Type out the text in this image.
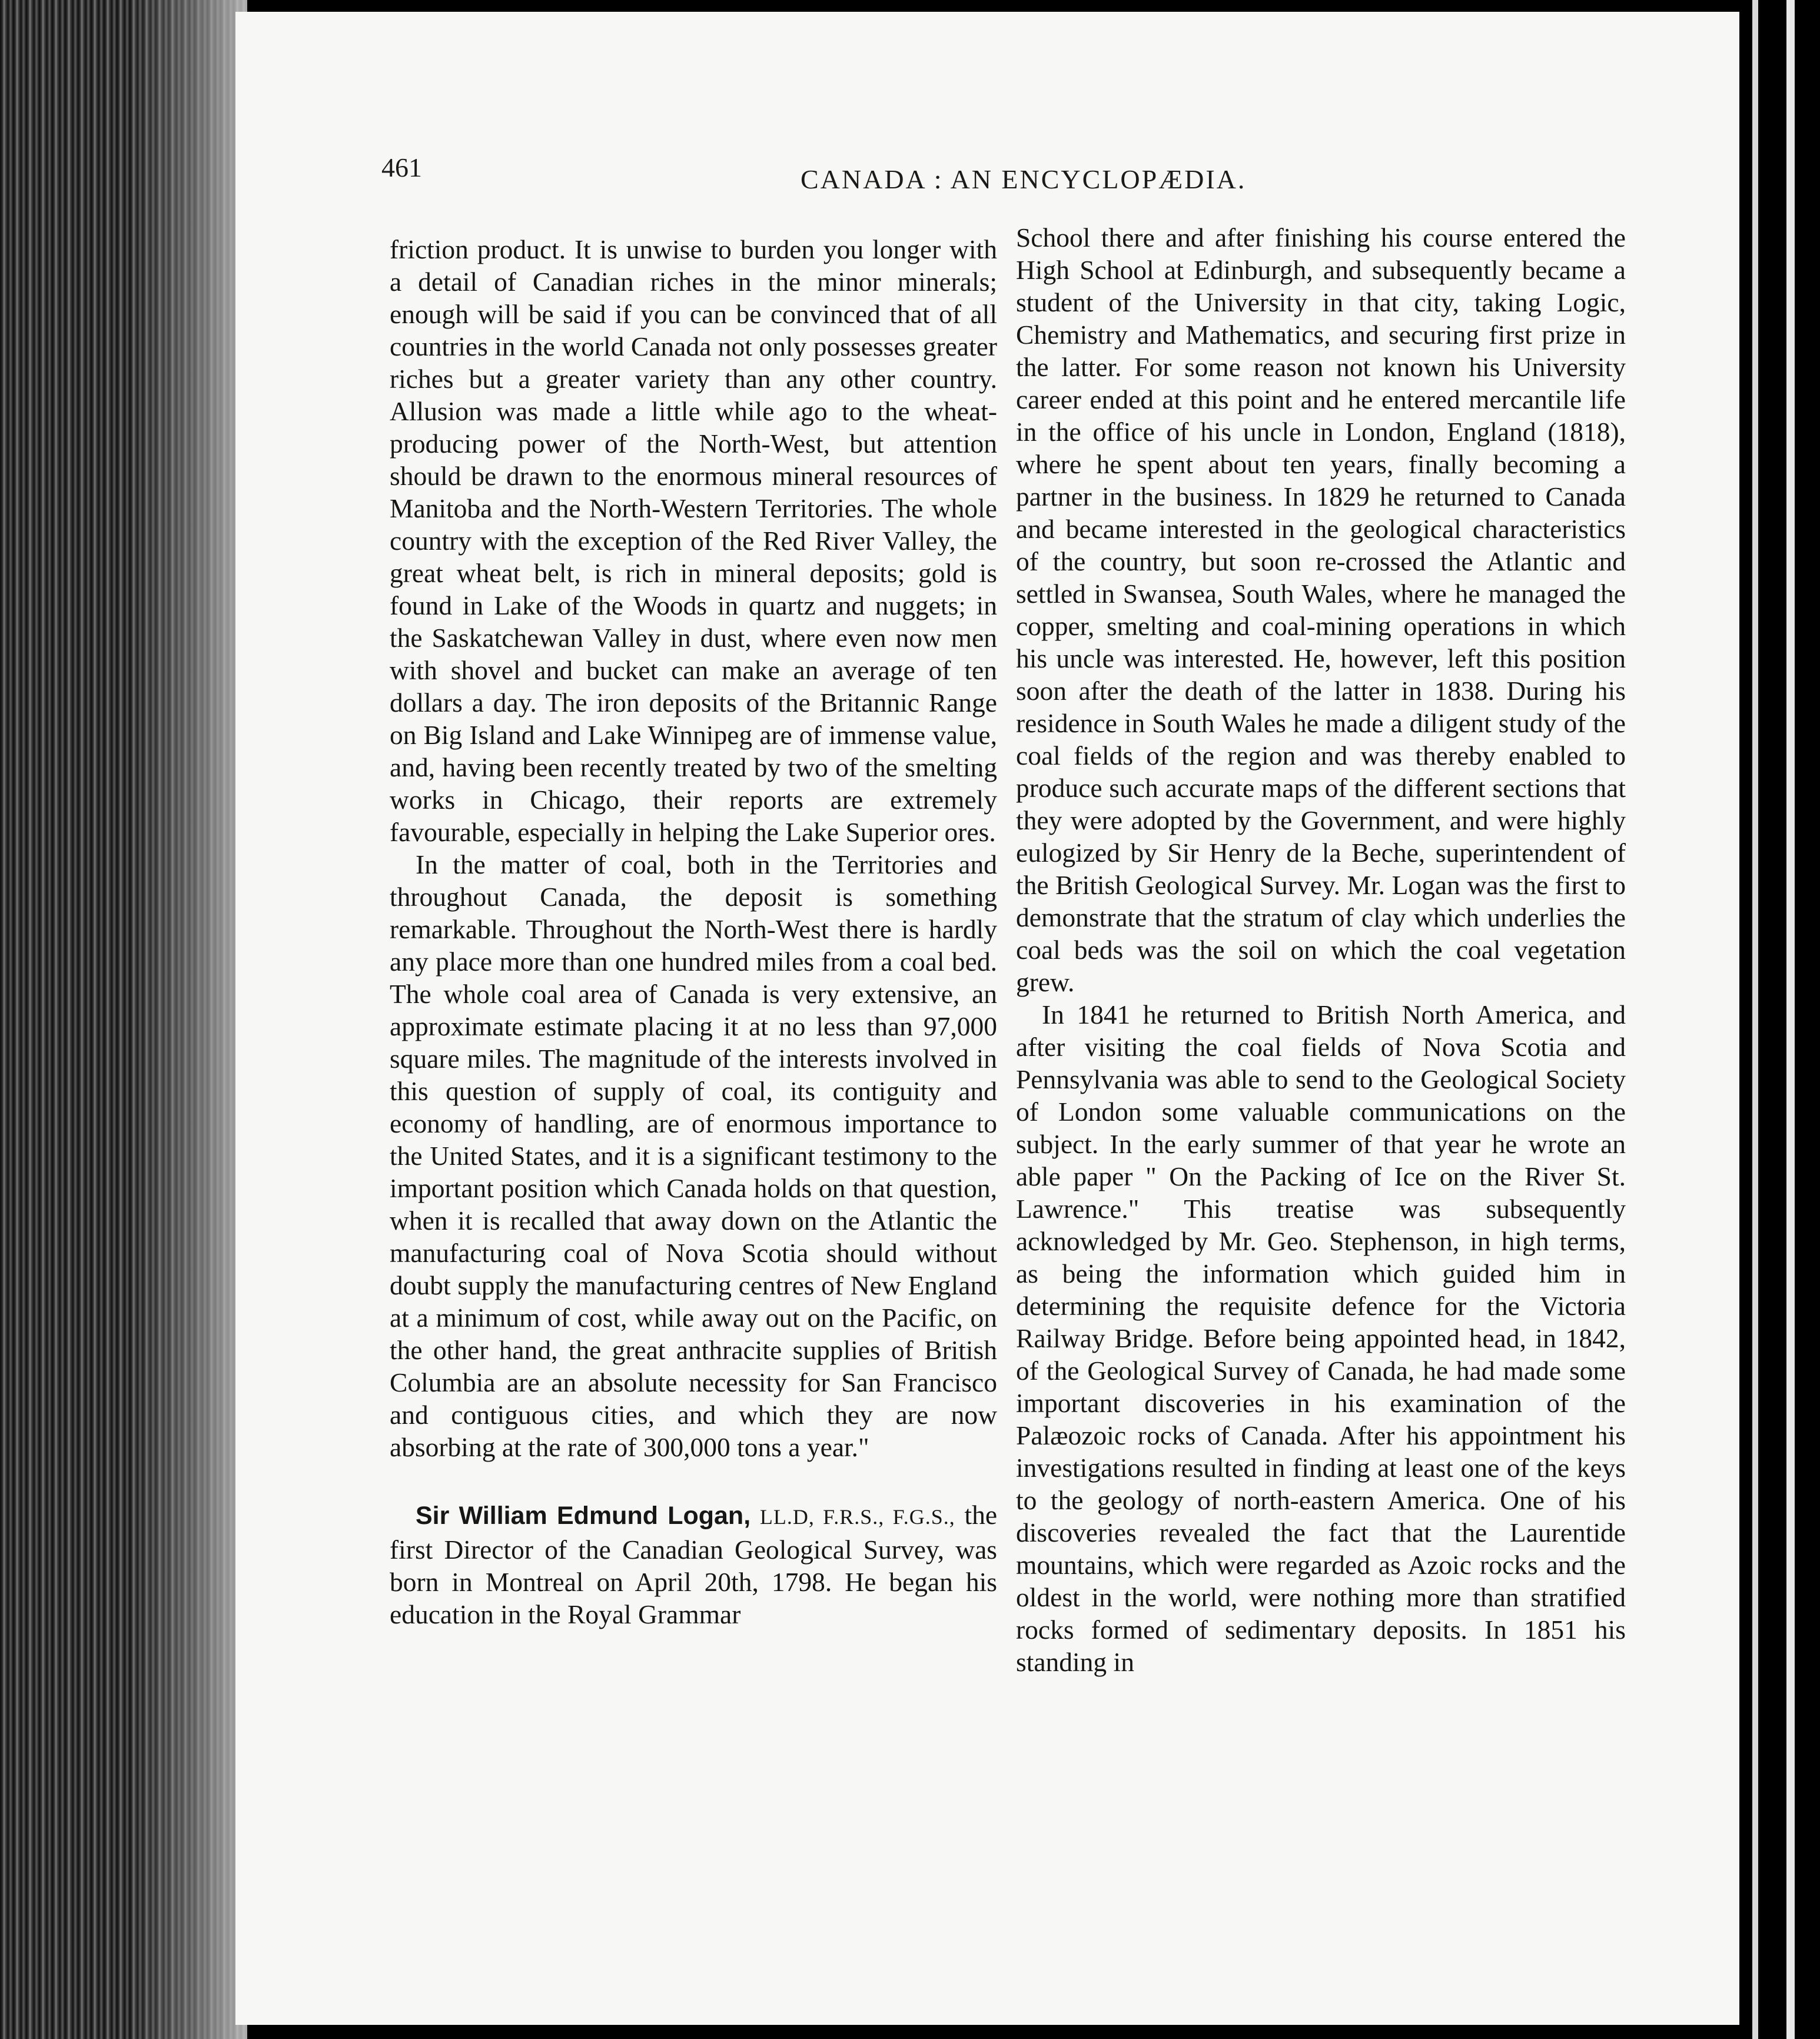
461	CANADA : AN ENCYCLOPÆDIA.

friction product. It is unwise to burden you longer with a detail of Canadian riches in the minor minerals; enough will be said if you can be convinced that of all countries in the world Canada not only possesses greater riches but a greater variety than any other country. Allusion was made a little while ago to the wheat-producing power of the North-West, but attention should be drawn to the enormous mineral resources of Manitoba and the North-Western Territories. The whole country with the exception of the Red River Valley, the great wheat belt, is rich in mineral deposits; gold is found in Lake of the Woods in quartz and nuggets; in the Saskatchewan Valley in dust, where even now men with shovel and bucket can make an average of ten dollars a day. The iron deposits of the Britannic Range on Big Island and Lake Winnipeg are of immense value, and, having been recently treated by two of the smelting works in Chicago, their reports are extremely favourable, especially in helping the Lake Superior ores.

In the matter of coal, both in the Territories and throughout Canada, the deposit is something remarkable. Throughout the North-West there is hardly any place more than one hundred miles from a coal bed. The whole coal area of Canada is very extensive, an approximate estimate placing it at no less than 97,000 square miles. The magnitude of the interests involved in this question of supply of coal, its contiguity and economy of handling, are of enormous importance to the United States, and it is a significant testimony to the important position which Canada holds on that question, when it is recalled that away down on the Atlantic the manufacturing coal of Nova Scotia should without doubt supply the manufacturing centres of New England at a minimum of cost, while away out on the Pacific, on the other hand, the great anthracite supplies of British Columbia are an absolute necessity for San Francisco and contiguous cities, and which they are now absorbing at the rate of 300,000 tons a year."

Sir William Edmund Logan, LL.D, F.R.S., F.G.S., the first Director of the Canadian Geological Survey, was born in Montreal on April 20th, 1798. He began his education in the Royal Grammar

School there and after finishing his course entered the High School at Edinburgh, and subsequently became a student of the University in that city, taking Logic, Chemistry and Mathematics, and securing first prize in the latter. For some reason not known his University career ended at this point and he entered mercantile life in the office of his uncle in London, England (1818), where he spent about ten years, finally becoming a partner in the business. In 1829 he returned to Canada and became interested in the geological characteristics of the country, but soon re-crossed the Atlantic and settled in Swansea, South Wales, where he managed the copper, smelting and coal-mining operations in which his uncle was interested. He, however, left this position soon after the death of the latter in 1838. During his residence in South Wales he made a diligent study of the coal fields of the region and was thereby enabled to produce such accurate maps of the different sections that they were adopted by the Government, and were highly eulogized by Sir Henry de la Beche, superintendent of the British Geological Survey. Mr. Logan was the first to demonstrate that the stratum of clay which underlies the coal beds was the soil on which the coal vegetation grew.

In 1841 he returned to British North America, and after visiting the coal fields of Nova Scotia and Pennsylvania was able to send to the Geological Society of London some valuable communications on the subject. In the early summer of that year he wrote an able paper " On the Packing of Ice on the River St. Lawrence." This treatise was subsequently acknowledged by Mr. Geo. Stephenson, in high terms, as being the information which guided him in determining the requisite defence for the Victoria Railway Bridge. Before being appointed head, in 1842, of the Geological Survey of Canada, he had made some important discoveries in his examination of the Palæozoic rocks of Canada. After his appointment his investigations resulted in finding at least one of the keys to the geology of north-eastern America. One of his discoveries revealed the fact that the Laurentide mountains, which were regarded as Azoic rocks and the oldest in the world, were nothing more than stratified rocks formed of sedimentary deposits. In 1851 his standing in
